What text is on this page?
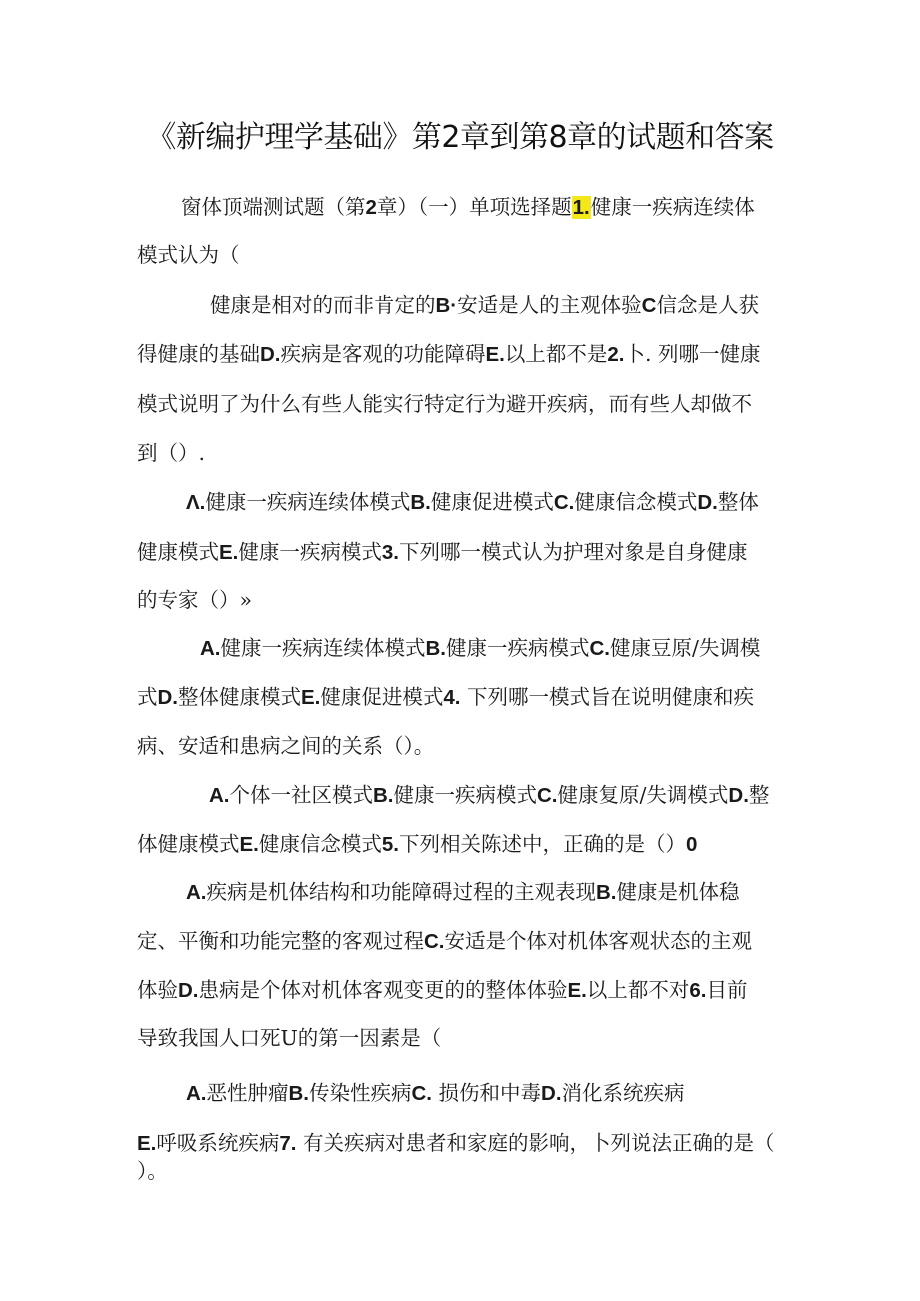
《新编护理学基础》第2章到第8章的试题和答案
窗体顶端测试题（第2章）（一）单项选择题1.健康一疾病连续体
模式认为（
健康是相对的而非肯定的B·安适是人的主观体验C信念是人获
得健康的基础D.疾病是客观的功能障碍E.以上都不是2.卜. 列哪一健康
模式说明了为什么有些人能实行特定行为避开疾病，而有些人却做不
到（）.
Λ.健康一疾病连续体模式B.健康促进模式C.健康信念模式D.整体
健康模式E.健康一疾病模式3.下列哪一模式认为护理对象是自身健康
的专家（）»
A.健康一疾病连续体模式B.健康一疾病模式C.健康豆原/失调模
式D.整体健康模式E.健康促进模式4. 下列哪一模式旨在说明健康和疾
病、安适和患病之间的关系（）。
A.个体一社区模式B.健康一疾病模式C.健康复原/失调模式D.整
体健康模式E.健康信念模式5.下列相关陈述中，正确的是（）0
A.疾病是机体结构和功能障碍过程的主观表现B.健康是机体稳
定、平衡和功能完整的客观过程C.安适是个体对机体客观状态的主观
体验D.患病是个体对机体客观变更的的整体体验E.以上都不对6.目前
导致我国人口死U的第一因素是（
A.恶性肿瘤B.传染性疾病C. 损伤和中毒D.消化系统疾病
E.呼吸系统疾病7. 有关疾病对患者和家庭的影响，卜列说法正确的是（
）。
